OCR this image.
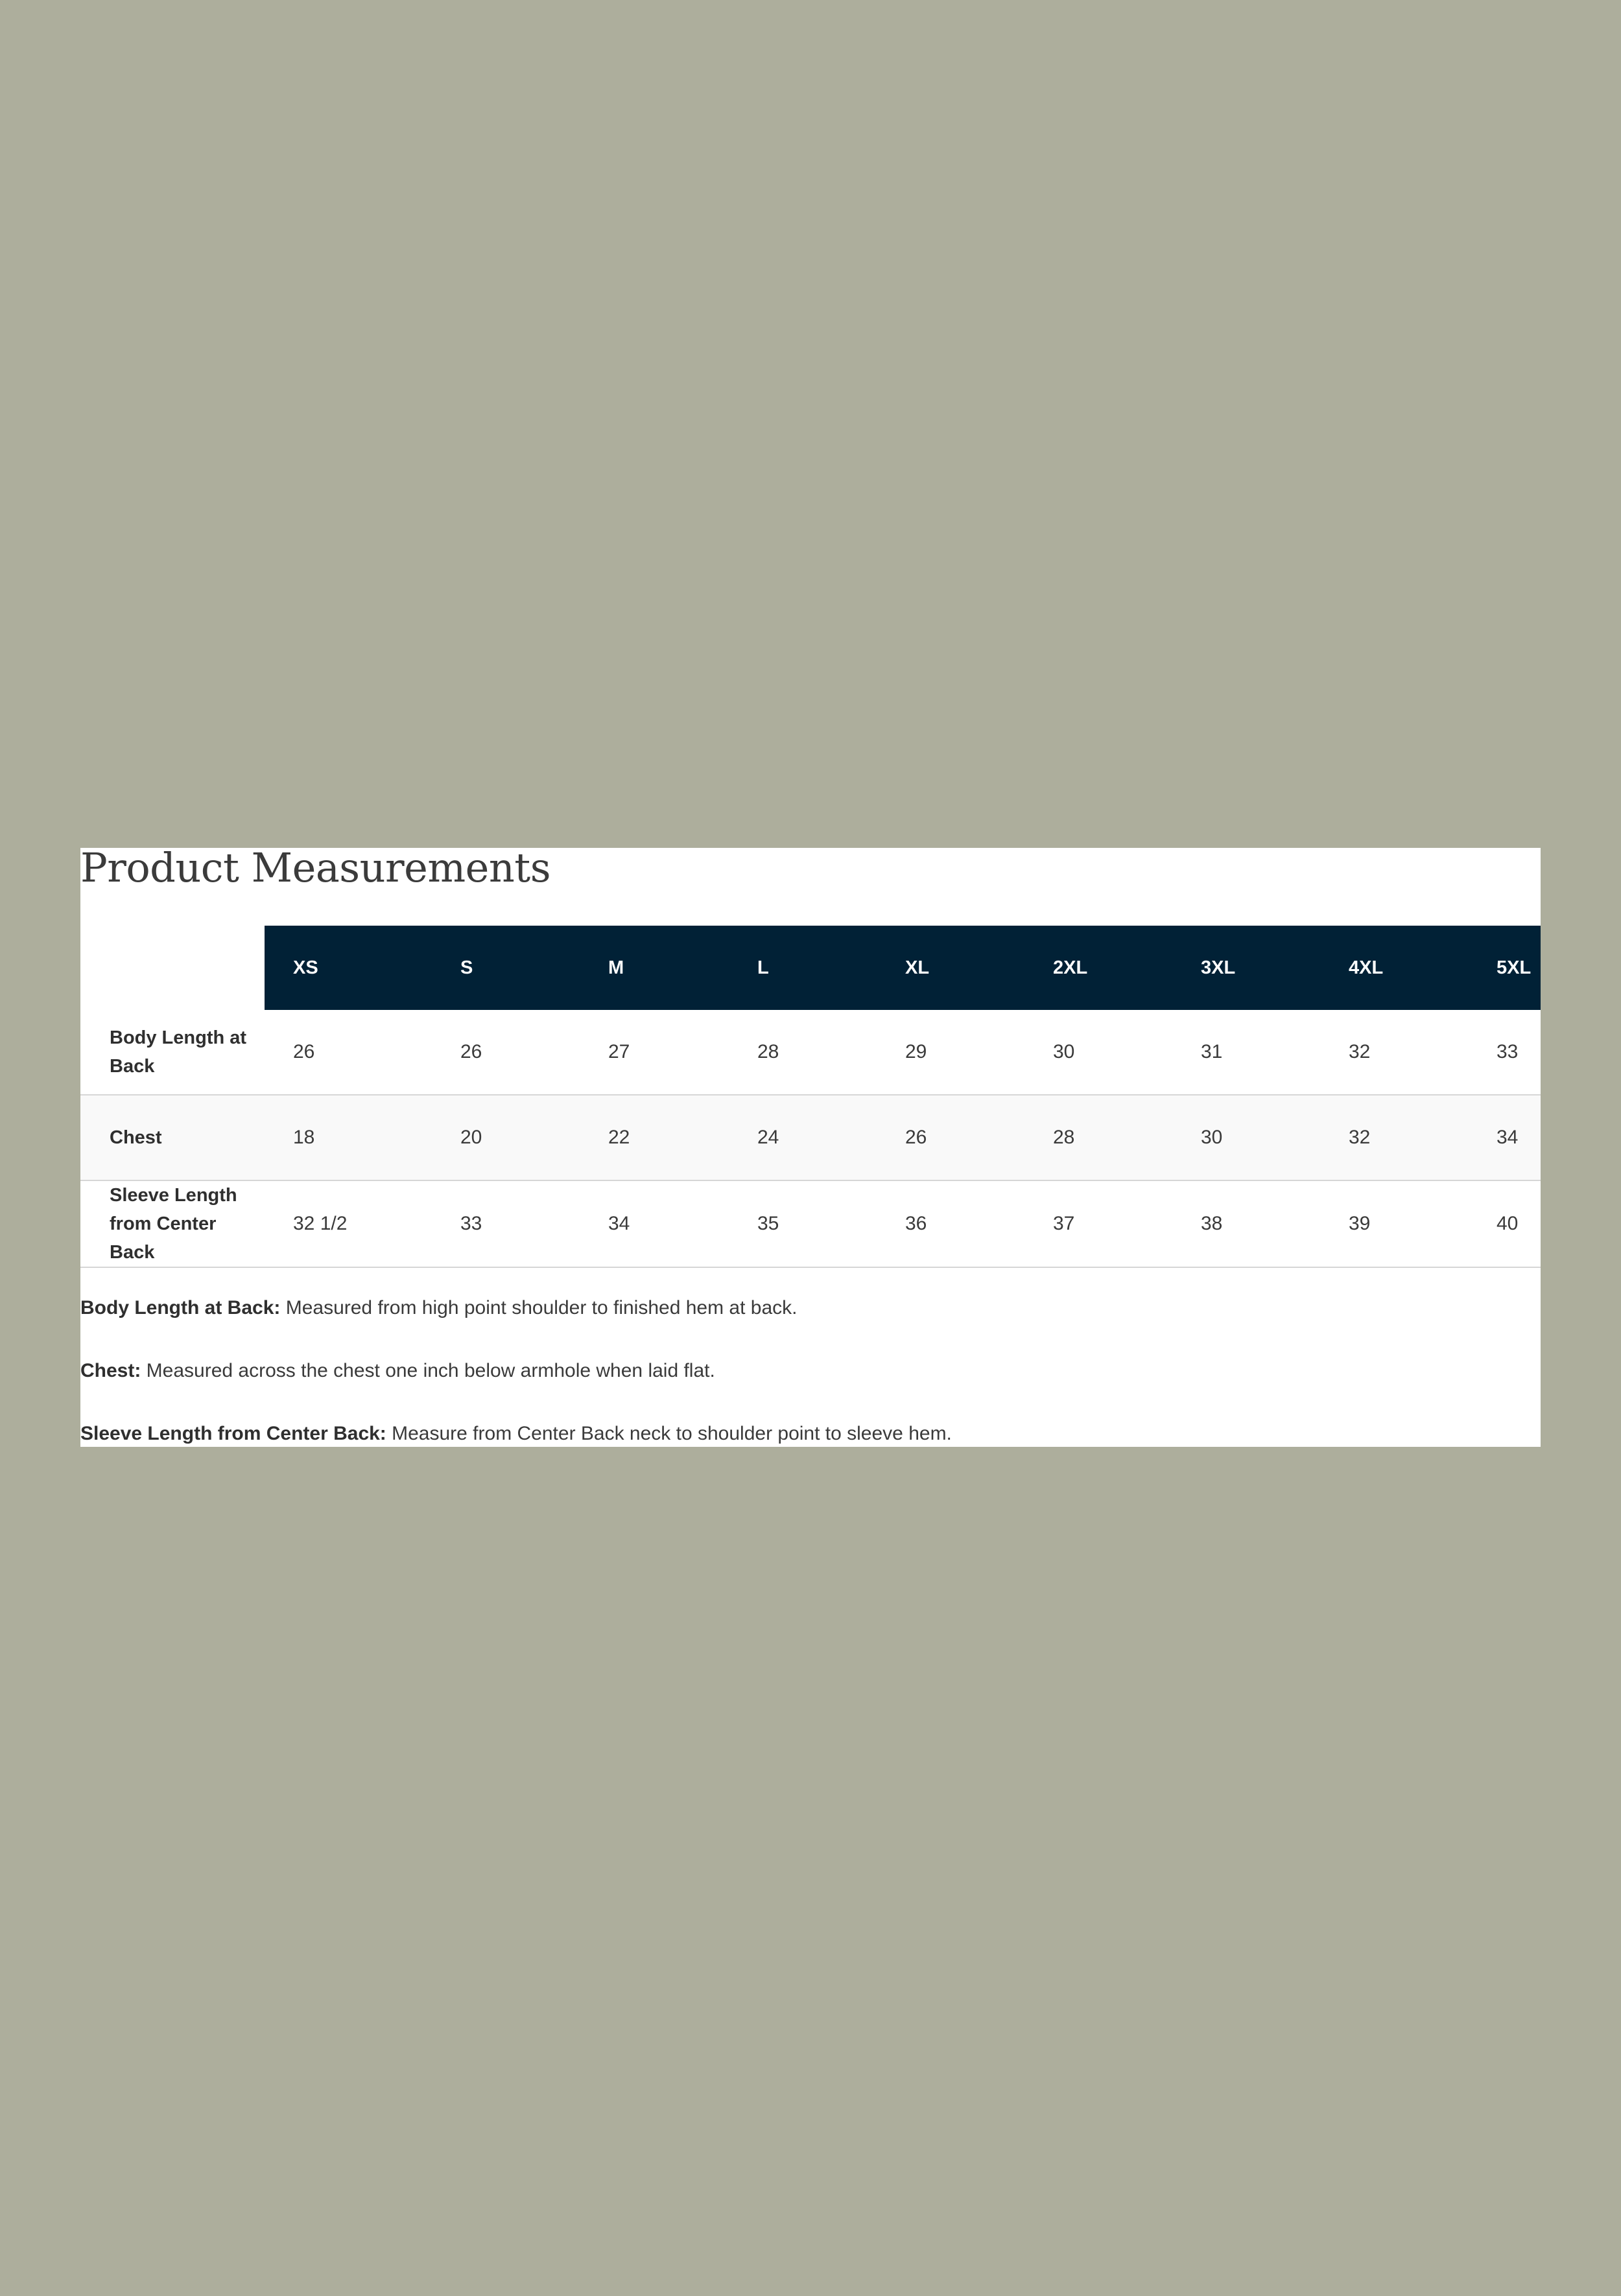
Product Measurements
	XS	S	M	L	XL	2XL	3XL	4XL	5XL
Body Length at Back	26	26	27	28	29	30	31	32	33
Chest	18	20	22	24	26	28	30	32	34
Sleeve Length from Center Back	32 1/2	33	34	35	36	37	38	39	40

Body Length at Back: Measured from high point shoulder to finished hem at back.

Chest: Measured across the chest one inch below armhole when laid flat.

Sleeve Length from Center Back: Measure from Center Back neck to shoulder point to sleeve hem.
